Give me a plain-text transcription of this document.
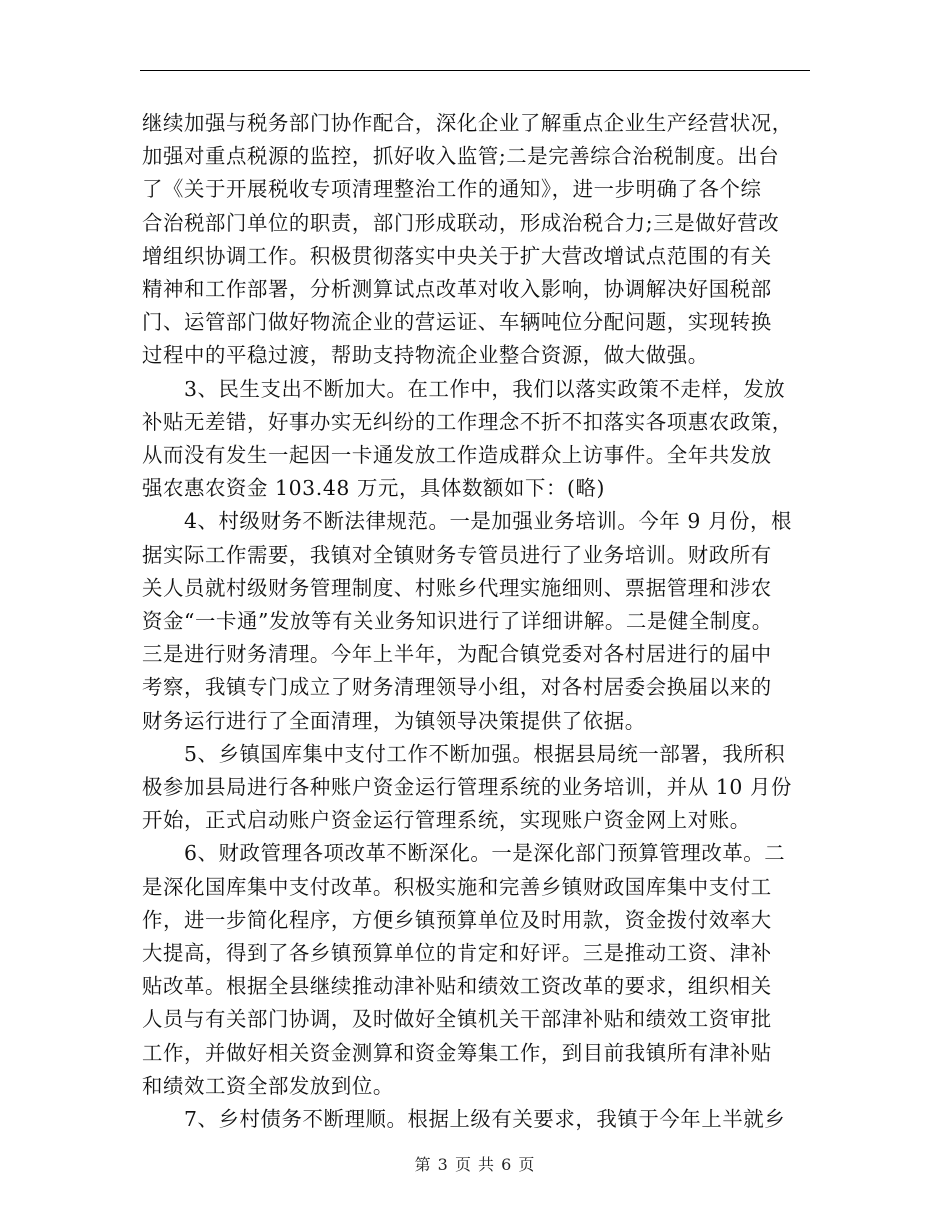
继续加强与税务部门协作配合，深化企业了解重点企业生产经营状况，
加强对重点税源的监控，抓好收入监管;二是完善综合治税制度。出台
了《关于开展税收专项清理整治工作的通知》，进一步明确了各个综
合治税部门单位的职责，部门形成联动，形成治税合力;三是做好营改
增组织协调工作。积极贯彻落实中央关于扩大营改增试点范围的有关
精神和工作部署，分析测算试点改革对收入影响，协调解决好国税部
门、运管部门做好物流企业的营运证、车辆吨位分配问题，实现转换
过程中的平稳过渡，帮助支持物流企业整合资源，做大做强。

　　3、民生支出不断加大。在工作中，我们以落实政策不走样，发放
补贴无差错，好事办实无纠纷的工作理念不折不扣落实各项惠农政策，
从而没有发生一起因一卡通发放工作造成群众上访事件。全年共发放
强农惠农资金 103.48 万元，具体数额如下：(略)

　　4、村级财务不断法律规范。一是加强业务培训。今年 9 月份，根
据实际工作需要，我镇对全镇财务专管员进行了业务培训。财政所有
关人员就村级财务管理制度、村账乡代理实施细则、票据管理和涉农
资金“一卡通”发放等有关业务知识进行了详细讲解。二是健全制度。
三是进行财务清理。今年上半年，为配合镇党委对各村居进行的届中
考察，我镇专门成立了财务清理领导小组，对各村居委会换届以来的
财务运行进行了全面清理，为镇领导决策提供了依据。

　　5、乡镇国库集中支付工作不断加强。根据县局统一部署，我所积
极参加县局进行各种账户资金运行管理系统的业务培训，并从 10 月份
开始，正式启动账户资金运行管理系统，实现账户资金网上对账。

　　6、财政管理各项改革不断深化。一是深化部门预算管理改革。二
是深化国库集中支付改革。积极实施和完善乡镇财政国库集中支付工
作，进一步简化程序，方便乡镇预算单位及时用款，资金拨付效率大
大提高，得到了各乡镇预算单位的肯定和好评。三是推动工资、津补
贴改革。根据全县继续推动津补贴和绩效工资改革的要求，组织相关
人员与有关部门协调，及时做好全镇机关干部津补贴和绩效工资审批
工作，并做好相关资金测算和资金筹集工作，到目前我镇所有津补贴
和绩效工资全部发放到位。

　　7、乡村债务不断理顺。根据上级有关要求，我镇于今年上半就乡

第 3 页 共 6 页
